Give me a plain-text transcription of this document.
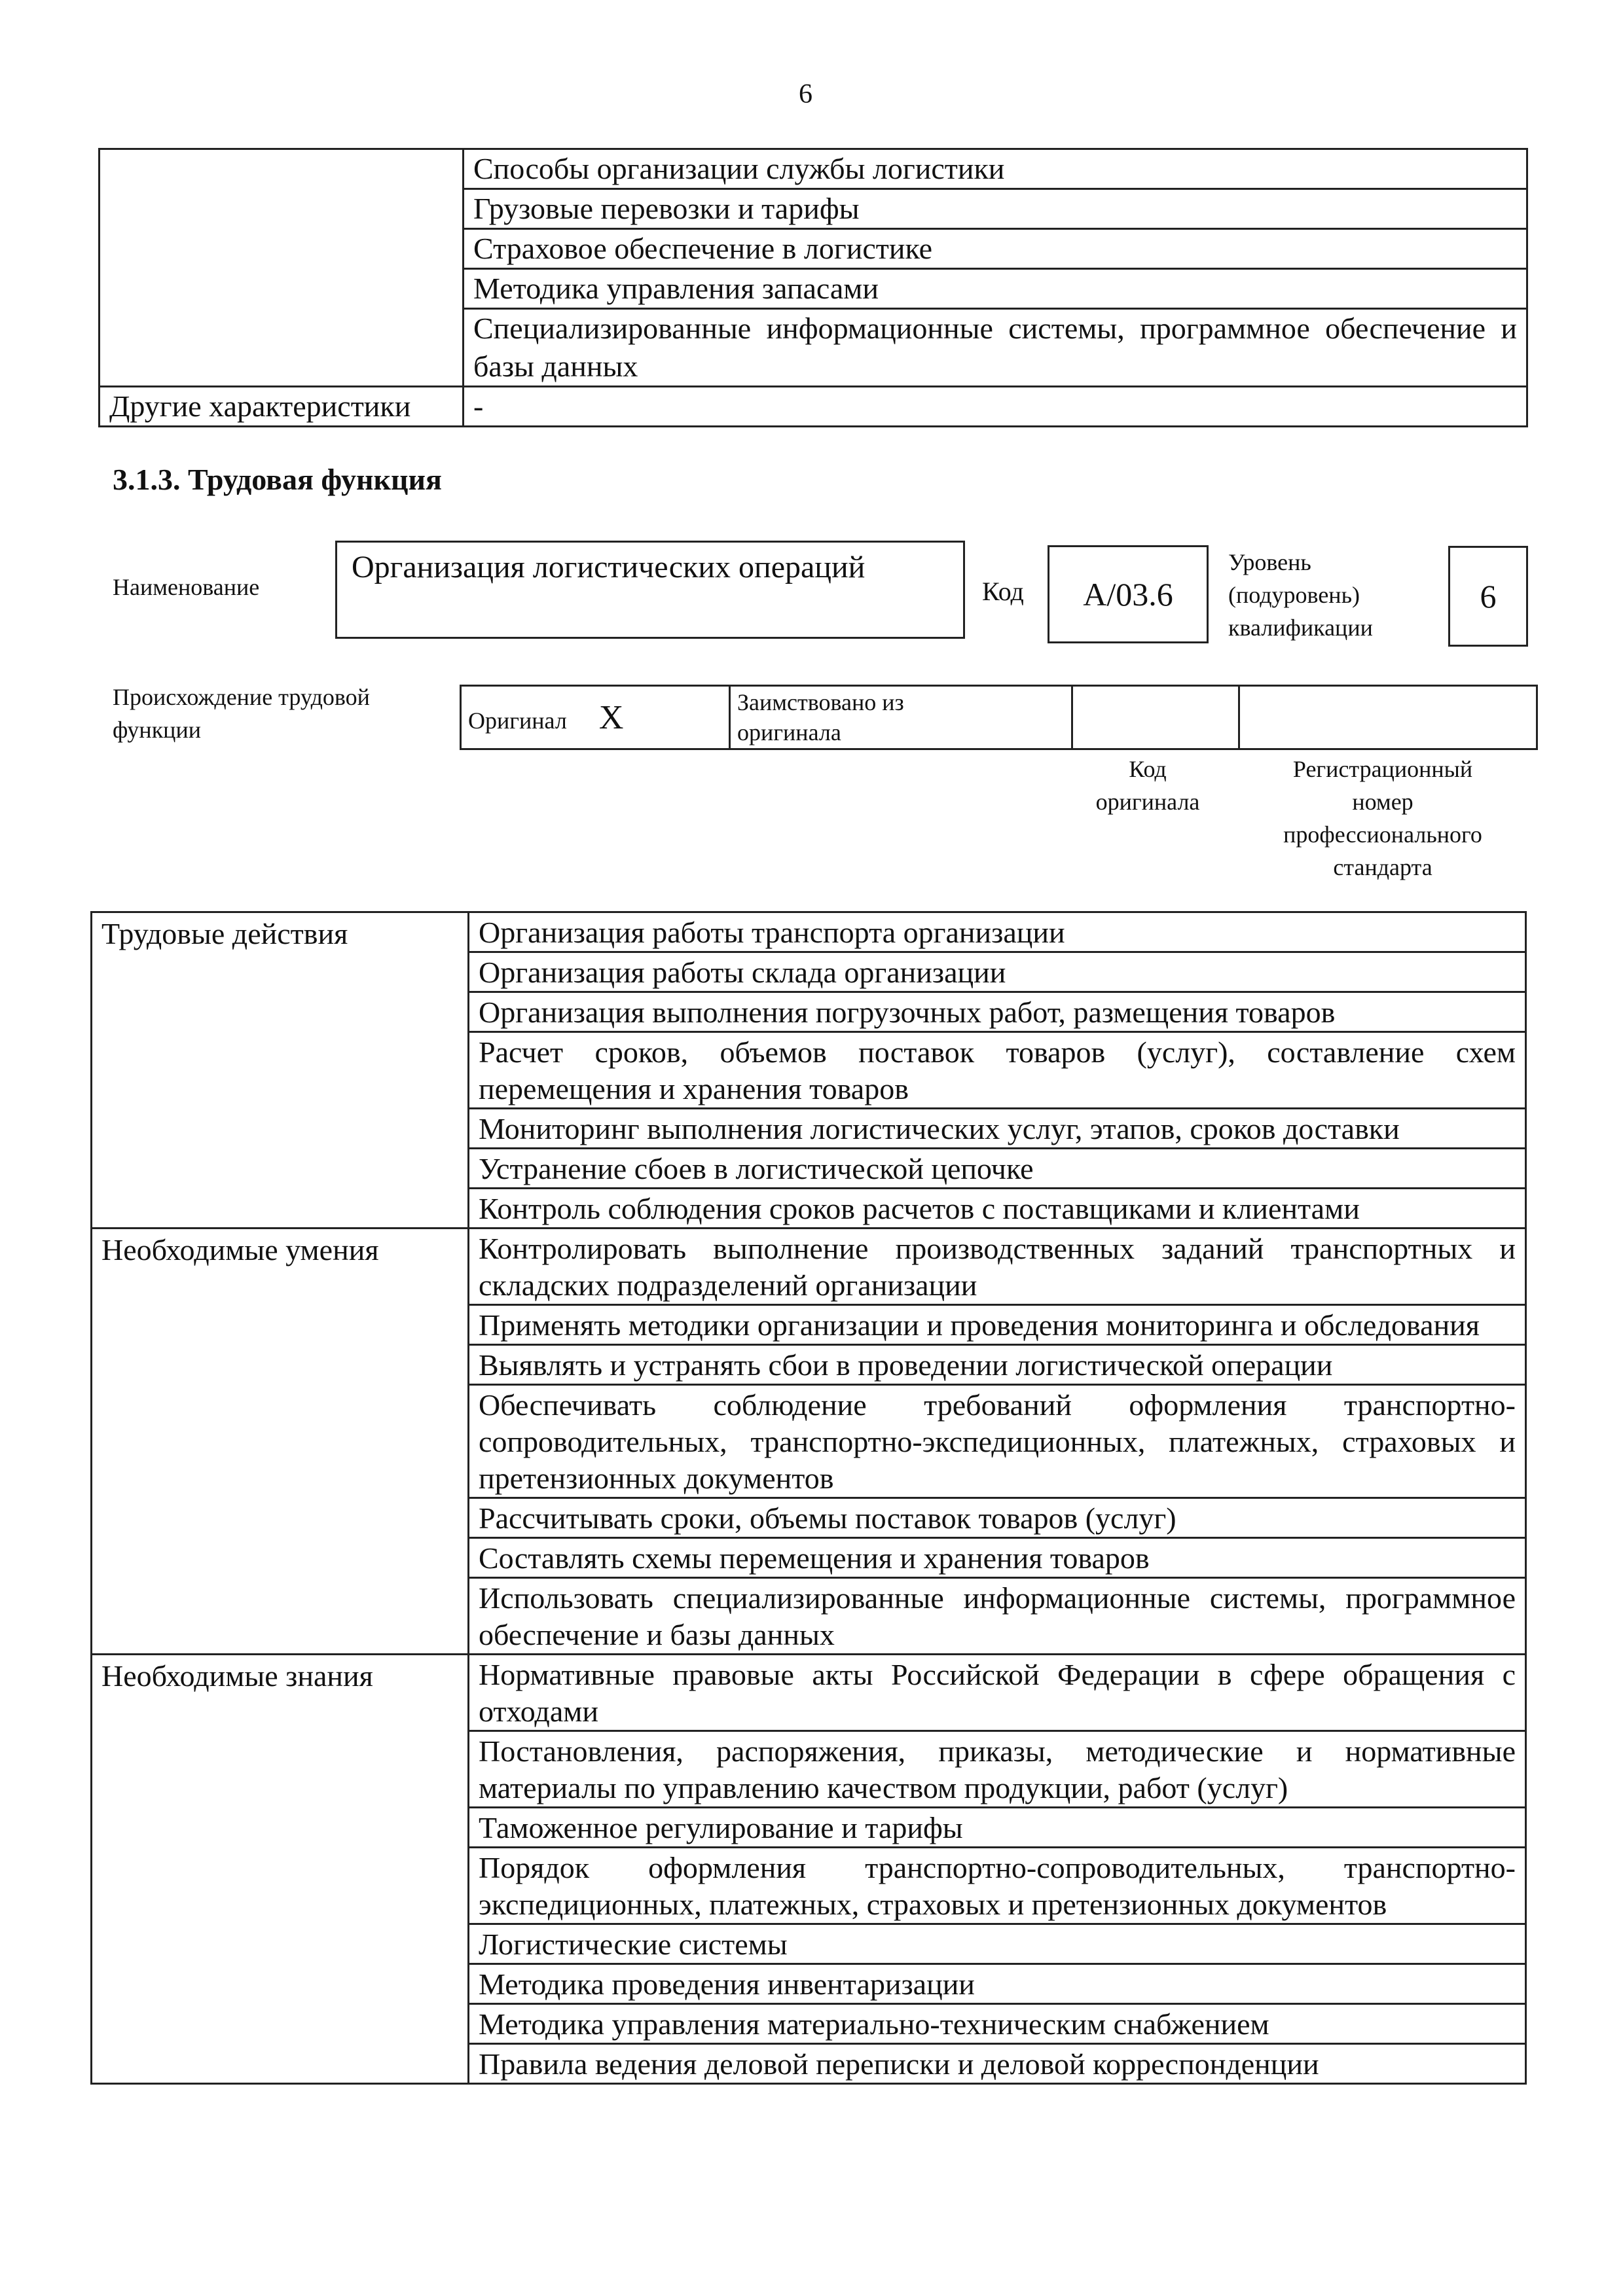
6
	Способы организации службы логистики
	Грузовые перевозки и тарифы
	Страховое обеспечение в логистике
	Методика управления запасами
	Специализированные информационные системы, программное обеспечение и базы данных
Другие характеристики	-
3.1.3. Трудовая функция
Наименование
Организация логистических операций
Код	A/03.6
Уровень
(подуровень)
квалификации
6
Происхождение трудовой
функции	Оригинал X	Заимствовано из
оригинала

Код
оригинала
Регистрационный
номер
профессионального
стандарта
Трудовые действия	Организация работы транспорта организации
	Организация работы склада организации
	Организация выполнения погрузочных работ, размещения товаров
	Расчет сроков, объемов поставок товаров (услуг), составление схем перемещения и хранения товаров
	Мониторинг выполнения логистических услуг, этапов, сроков доставки
	Устранение сбоев в логистической цепочке
	Контроль соблюдения сроков расчетов с поставщиками и клиентами
Необходимые умения	Контролировать выполнение производственных заданий транспортных и складских подразделений организации
	Применять методики организации и проведения мониторинга и обследования
	Выявлять и устранять сбои в проведении логистической операции
	Обеспечивать соблюдение требований оформления транспортно-сопроводительных, транспортно-экспедиционных, платежных, страховых и претензионных документов
	Рассчитывать сроки, объемы поставок товаров (услуг)
	Составлять схемы перемещения и хранения товаров
	Использовать специализированные информационные системы, программное обеспечение и базы данных
Необходимые знания	Нормативные правовые акты Российской Федерации в сфере обращения с отходами
	Постановления, распоряжения, приказы, методические и нормативные материалы по управлению качеством продукции, работ (услуг)
	Таможенное регулирование и тарифы
	Порядок оформления транспортно-сопроводительных, транспортно-экспедиционных, платежных, страховых и претензионных документов
	Логистические системы
	Методика проведения инвентаризации
	Методика управления материально-техническим снабжением
	Правила ведения деловой переписки и деловой корреспонденции
